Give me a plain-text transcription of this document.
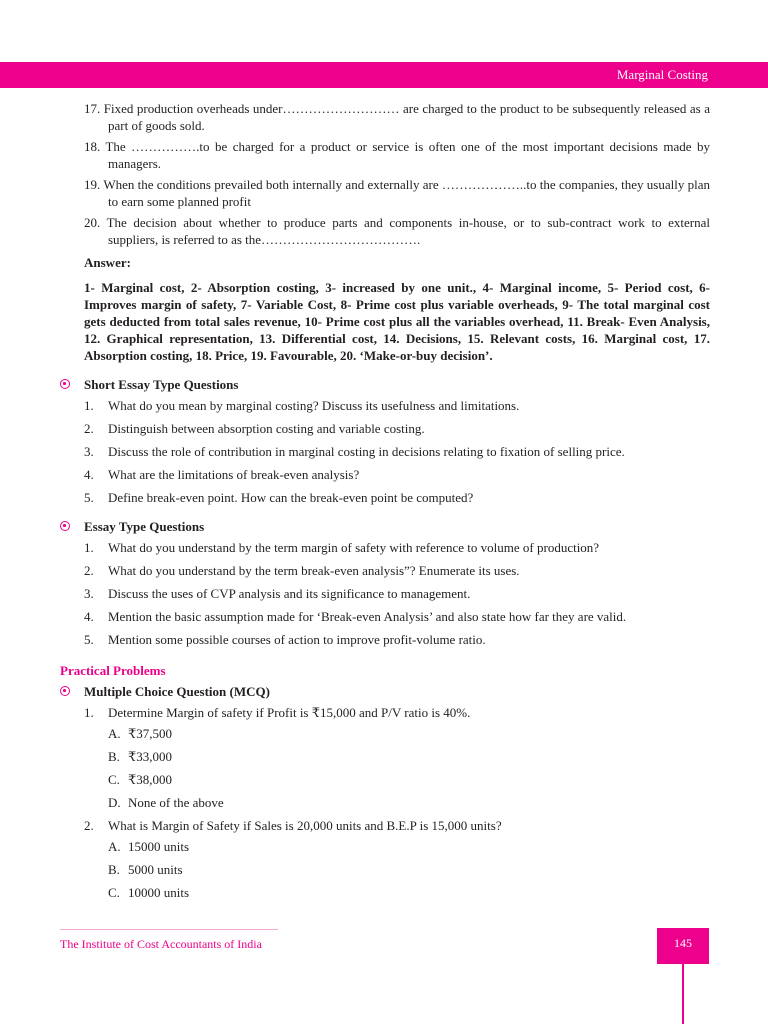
Marginal Costing
17. Fixed production overheads under……………………… are charged to the product to be subsequently released as a part of goods sold.
18. The …………….to be charged for a product or service is often one of the most important decisions made by managers.
19. When the conditions prevailed both internally and externally are ………………..to the companies, they usually plan to earn some planned profit
20. The decision about whether to produce parts and components in-house, or to sub-contract work to external suppliers, is referred to as the……………………………….
Answer:
1- Marginal cost, 2- Absorption costing, 3- increased by one unit., 4- Marginal income, 5- Period cost, 6- Improves margin of safety, 7- Variable Cost, 8- Prime cost plus variable overheads, 9- The total marginal cost gets deducted from total sales revenue, 10- Prime cost plus all the variables overhead, 11. Break- Even Analysis, 12. Graphical representation, 13. Differential cost, 14. Decisions, 15. Relevant costs, 16. Marginal cost, 17. Absorption costing, 18. Price, 19. Favourable, 20. ‘Make-or-buy decision’.
Short Essay Type Questions
1. What do you mean by marginal costing? Discuss its usefulness and limitations.
2. Distinguish between absorption costing and variable costing.
3. Discuss the role of contribution in marginal costing in decisions relating to fixation of selling price.
4. What are the limitations of break-even analysis?
5. Define break-even point. How can the break-even point be computed?
Essay Type Questions
1. What do you understand by the term margin of safety with reference to volume of production?
2. What do you understand by the term break-even analysis”? Enumerate its uses.
3. Discuss the uses of CVP analysis and its significance to management.
4. Mention the basic assumption made for ‘Break-even Analysis’ and also state how far they are valid.
5. Mention some possible courses of action to improve profit-volume ratio.
Practical Problems
Multiple Choice Question (MCQ)
1. Determine Margin of safety if Profit is ₹15,000 and P/V ratio is 40%.
A. ₹37,500
B. ₹33,000
C. ₹38,000
D. None of the above
2. What is Margin of Safety if Sales is 20,000 units and B.E.P is 15,000 units?
A. 15000 units
B. 5000 units
C. 10000 units
The Institute of Cost Accountants of India	145
